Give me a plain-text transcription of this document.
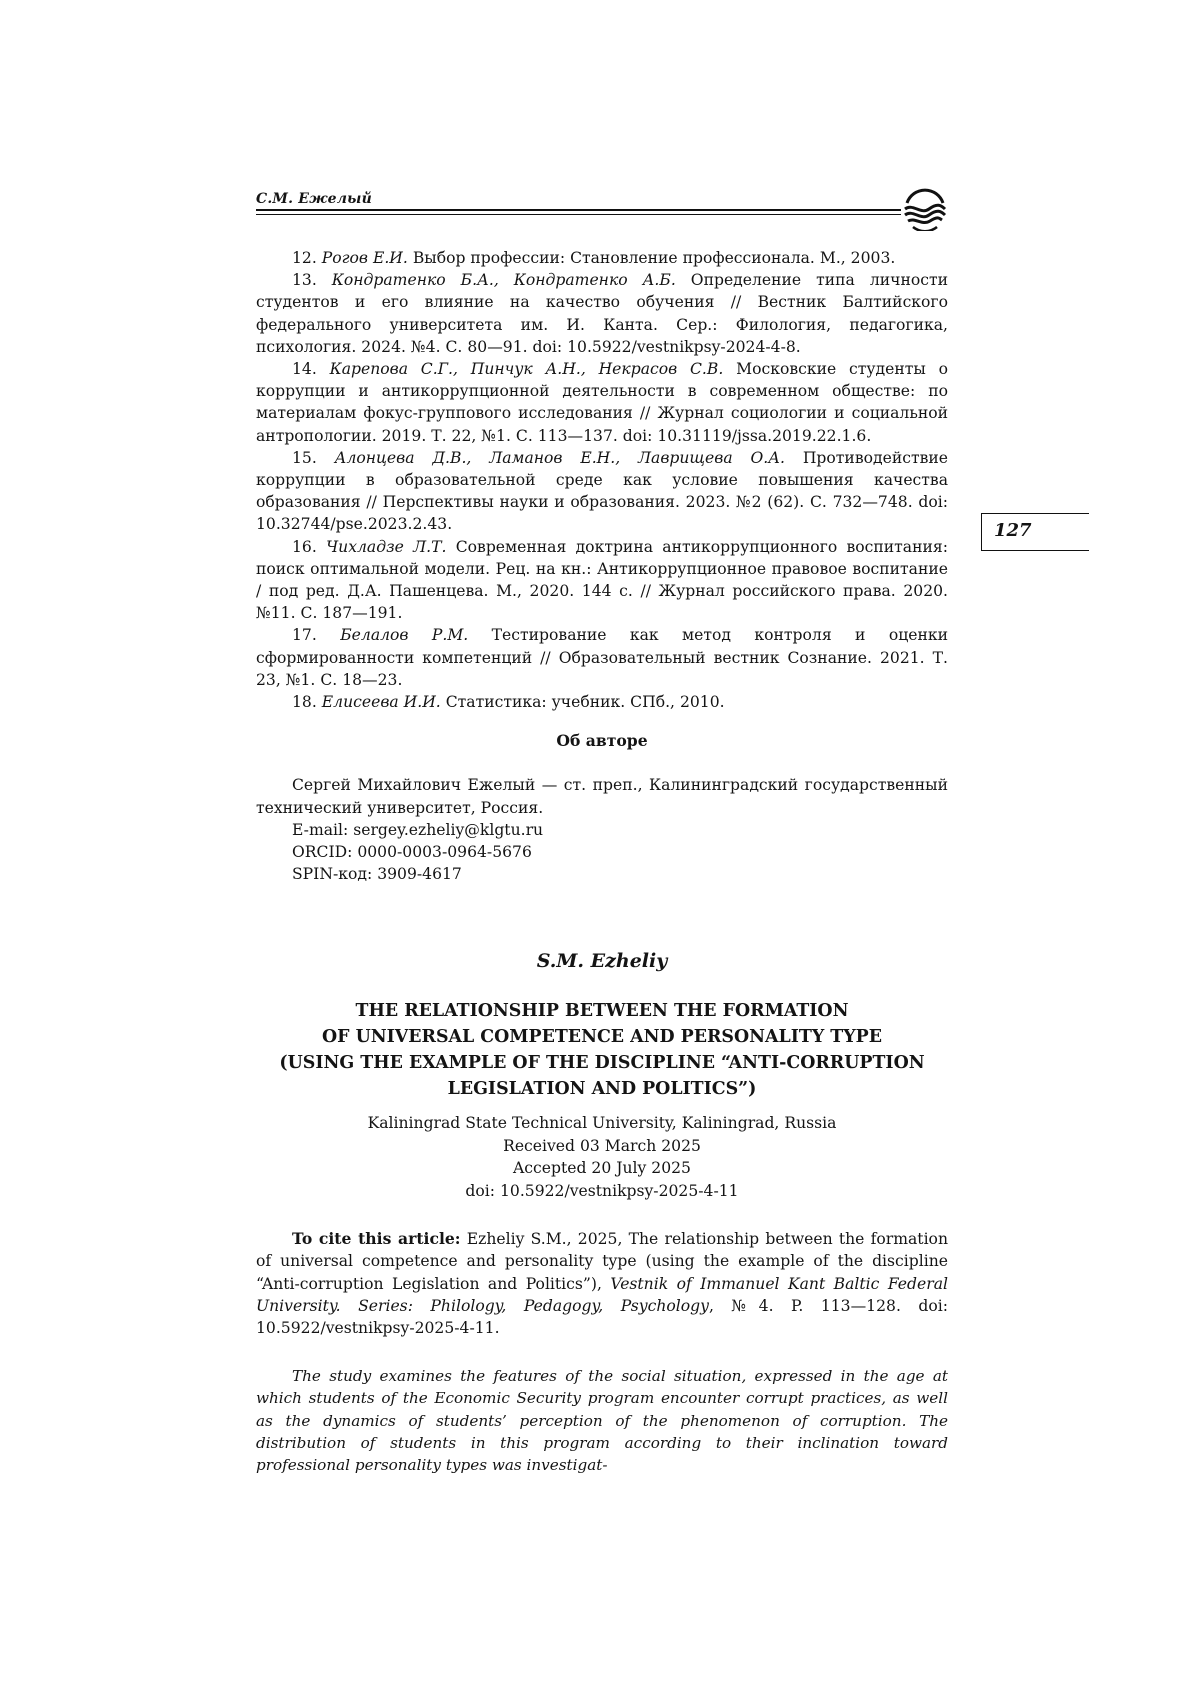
С.М. Ежелый
127

12. Рогов Е.И. Выбор профессии: Становление профессионала. М., 2003.

13. Кондратенко Б.А., Кондратенко А.Б. Определение типа личности студентов и его влияние на качество обучения // Вестник Балтийского федерального университета им. И. Канта. Сер.: Филология, педагогика, психология. 2024. №4. С. 80—91. doi: 10.5922/vestnikpsy-2024-4-8.

14. Карепова С.Г., Пинчук А.Н., Некрасов С.В. Московские студенты о коррупции и антикоррупционной деятельности в современном обществе: по материалам фокус-группового исследования // Журнал социологии и социальной антропологии. 2019. Т. 22, №1. С. 113—137. doi: 10.31119/jssa.2019.22.1.6.

15. Алонцева Д.В., Ламанов Е.Н., Лаврищева О.А. Противодействие коррупции в образовательной среде как условие повышения качества образования // Перспективы науки и образования. 2023. №2 (62). С. 732—748. doi: 10.32744/pse.2023.2.43.

16. Чихладзе Л.Т. Современная доктрина антикоррупционного воспитания: поиск оптимальной модели. Рец. на кн.: Антикоррупционное правовое воспитание / под ред. Д.А. Пашенцева. М., 2020. 144 с. // Журнал российского права. 2020. №11. С. 187—191.

17. Белалов Р.М. Тестирование как метод контроля и оценки сформированности компетенций // Образовательный вестник Сознание. 2021. Т. 23, №1. С. 18—23.

18. Елисеева И.И. Статистика: учебник. СПб., 2010.

Об авторе

Сергей Михайлович Ежелый — ст. преп., Калининградский государственный технический университет, Россия.

E-mail: sergey.ezheliy@klgtu.ru

ORCID: 0000-0003-0964-5676

SPIN-код: 3909-4617

S.M. Ezheliy
THE RELATIONSHIP BETWEEN THE FORMATION
OF UNIVERSAL COMPETENCE AND PERSONALITY TYPE
(USING THE EXAMPLE OF THE DISCIPLINE “ANTI-CORRUPTION
LEGISLATION AND POLITICS”)
Kaliningrad State Technical University, Kaliningrad, Russia
Received 03 March 2025
Accepted 20 July 2025
doi: 10.5922/vestnikpsy-2025-4-11

To cite this article: Ezheliy S.M., 2025, The relationship between the formation of universal competence and personality type (using the example of the discipline “Anti-corruption Legislation and Politics”), Vestnik of Immanuel Kant Baltic Federal University. Series: Philology, Pedagogy, Psychology, №4. P. 113—128. doi: 10.5922/vestnikpsy-2025-4-11.

The study examines the features of the social situation, expressed in the age at which students of the Economic Security program encounter corrupt practices, as well as the dynamics of students’ perception of the phenomenon of corruption. The distribution of students in this program according to their inclination toward professional personality types was investigat-
